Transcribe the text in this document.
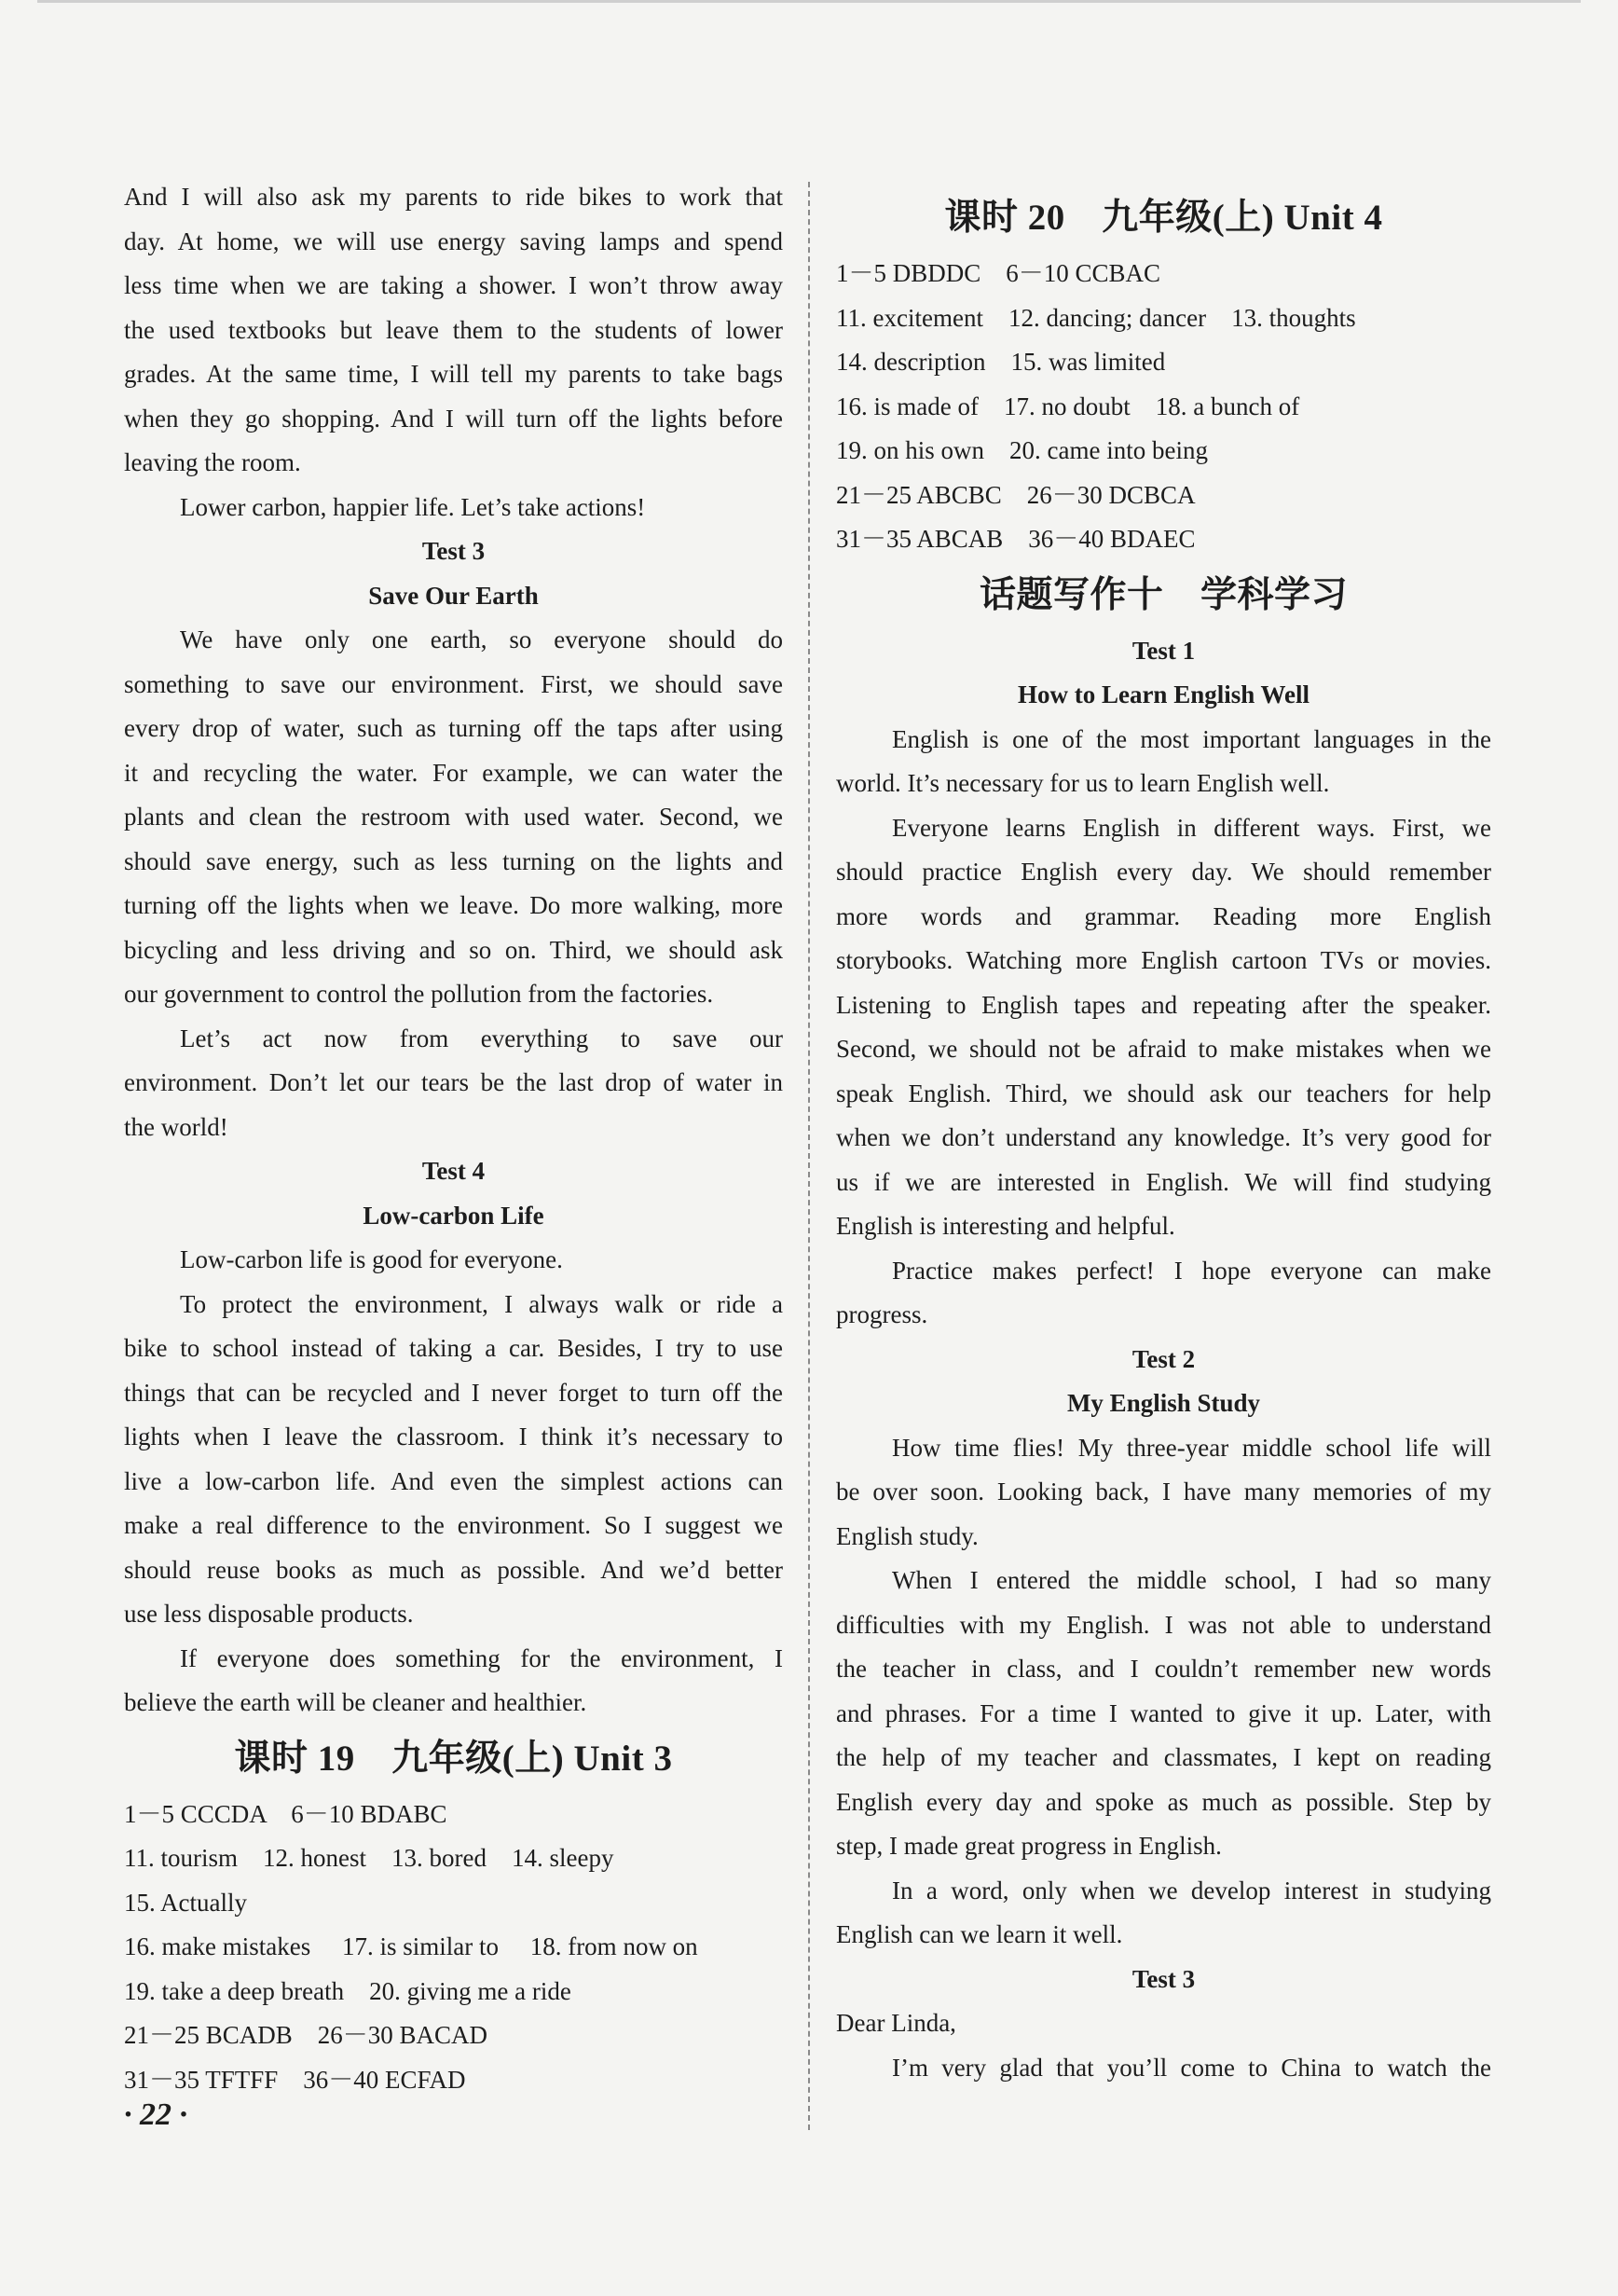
And I will also ask my parents to ride bikes to work that
day. At home, we will use energy saving lamps and spend
less time when we are taking a shower. I won’t throw away
the used textbooks but leave them to the students of lower
grades. At the same time, I will tell my parents to take bags
when they go shopping. And I will turn off the lights before
leaving the room.
Lower carbon, happier life. Let’s take actions!
Test 3
Save Our Earth
We have only one earth, so everyone should do
something to save our environment. First, we should save
every drop of water, such as turning off the taps after using
it and recycling the water. For example, we can water the
plants and clean the restroom with used water. Second, we
should save energy, such as less turning on the lights and
turning off the lights when we leave. Do more walking, more
bicycling and less driving and so on. Third, we should ask
our government to control the pollution from the factories.
Let’s act now from everything to save our
environment. Don’t let our tears be the last drop of water in
the world!
Test 4
Low-carbon Life
Low-carbon life is good for everyone.
To protect the environment, I always walk or ride a
bike to school instead of taking a car. Besides, I try to use
things that can be recycled and I never forget to turn off the
lights when I leave the classroom. I think it’s necessary to
live a low-carbon life. And even the simplest actions can
make a real difference to the environment. So I suggest we
should reuse books as much as possible. And we’d better
use less disposable products.
If everyone does something for the environment, I
believe the earth will be cleaner and healthier.
课时 19　九年级(上) Unit 3
1－5 CCCDA　6－10 BDABC
11. tourism　12. honest　13. bored　14. sleepy
15. Actually
16. make mistakes　 17. is similar to　 18. from now on
19. take a deep breath　20. giving me a ride
21－25 BCADB　26－30 BACAD
31－35 TFTFF　36－40 ECFAD
课时 20　九年级(上) Unit 4
1－5 DBDDC　6－10 CCBAC
11. excitement　12. dancing; dancer　13. thoughts
14. description　15. was limited
16. is made of　17. no doubt　18. a bunch of
19. on his own　20. came into being
21－25 ABCBC　26－30 DCBCA
31－35 ABCAB　36－40 BDAEC
话题写作十　学科学习
Test 1
How to Learn English Well
English is one of the most important languages in the
world. It’s necessary for us to learn English well.
Everyone learns English in different ways. First, we
should practice English every day. We should remember
more words and grammar. Reading more English
storybooks. Watching more English cartoon TVs or movies.
Listening to English tapes and repeating after the speaker.
Second, we should not be afraid to make mistakes when we
speak English. Third, we should ask our teachers for help
when we don’t understand any knowledge. It’s very good for
us if we are interested in English. We will find studying
English is interesting and helpful.
Practice makes perfect! I hope everyone can make
progress.
Test 2
My English Study
How time flies! My three-year middle school life will
be over soon. Looking back, I have many memories of my
English study.
When I entered the middle school, I had so many
difficulties with my English. I was not able to understand
the teacher in class, and I couldn’t remember new words
and phrases. For a time I wanted to give it up. Later, with
the help of my teacher and classmates, I kept on reading
English every day and spoke as much as possible. Step by
step, I made great progress in English.
In a word, only when we develop interest in studying
English can we learn it well.
Test 3
Dear Linda,
I’m very glad that you’ll come to China to watch the
· 22 ·
